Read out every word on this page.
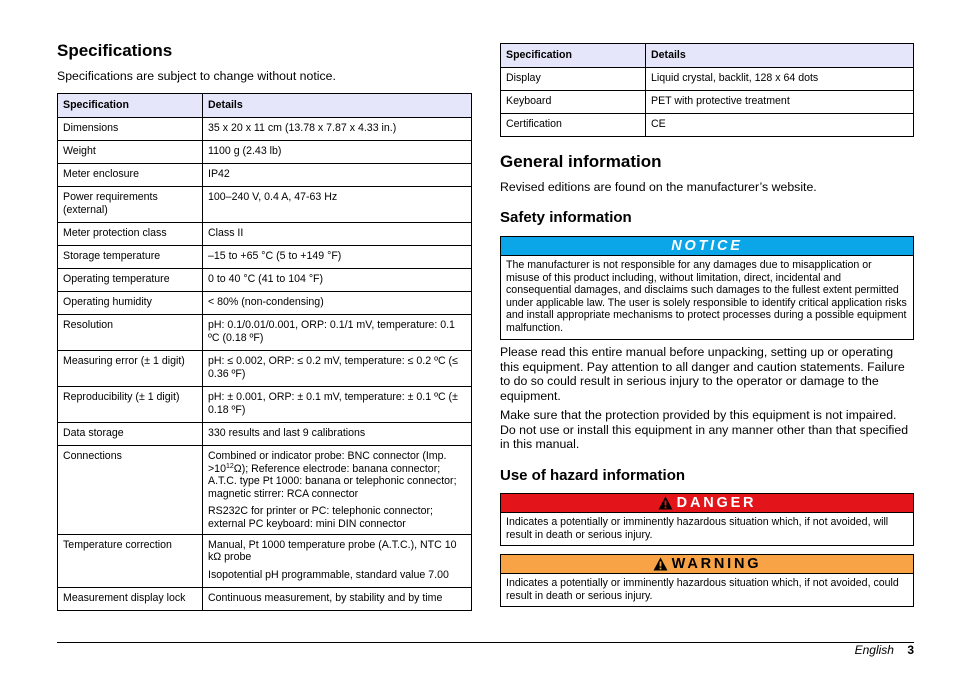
Specifications

Specifications are subject to change without notice.

Specification	Details
Dimensions	35 x 20 x 11 cm (13.78 x 7.87 x 4.33 in.)

Weight	1100 g (2.43 lb)

Meter enclosure	IP42

Power requirements (external)	100–240 V, 0.4 A, 47-63 Hz

Meter protection class	Class II

Storage temperature	–15 to +65 °C (5 to +149 °F)

Operating temperature	0 to 40 °C (41 to 104 °F)

Operating humidity	< 80% (non-condensing)

Resolution	pH: 0.1/0.01/0.001, ORP: 0.1/1 mV, temperature: 0.1 ºC (0.18 ºF)

Measuring error (± 1 digit)	pH: ≤ 0.002, ORP: ≤ 0.2 mV, temperature: ≤ 0.2 ºC (≤ 0.36 ºF)

Reproducibility (± 1 digit)	pH: ± 0.001, ORP: ± 0.1 mV, temperature: ± 0.1 ºC (± 0.18 ºF)

Data storage	330 results and last 9 calibrations

Connections	Combined or indicator probe: BNC connector (Imp. $>10^{12}\Omega$); Reference electrode: banana connector; A.T.C. type Pt 1000: banana or telephonic connector; magnetic stirrer: RCA connector
RS232C for printer or PC: telephonic connector; external PC keyboard: mini DIN connector

Temperature correction	Manual, Pt 1000 temperature probe (A.T.C.), NTC 10 kΩ probe
Isopotential pH programmable, standard value 7.00

Measurement display lock	Continuous measurement, by stability and by time
Specification	Details
Display	Liquid crystal, backlit, 128 x 64 dots

Keyboard	PET with protective treatment

Certification	CE
General information

Revised editions are found on the manufacturer’s website.

Safety information
NOTICE
The manufacturer is not responsible for any damages due to misapplication or misuse of this product including, without limitation, direct, incidental and consequential damages, and disclaims such damages to the fullest extent permitted under applicable law. The user is solely responsible to identify critical application risks and install appropriate mechanisms to protect processes during a possible equipment malfunction.

Please read this entire manual before unpacking, setting up or operating this equipment. Pay attention to all danger and caution statements. Failure to do so could result in serious injury to the operator or damage to the equipment.

Make sure that the protection provided by this equipment is not impaired. Do not use or install this equipment in any manner other than that specified in this manual.

Use of hazard information
DANGER
Indicates a potentially or imminently hazardous situation which, if not avoided, will result in death or serious injury.
WARNING
Indicates a potentially or imminently hazardous situation which, if not avoided, could result in death or serious injury.
English 3
